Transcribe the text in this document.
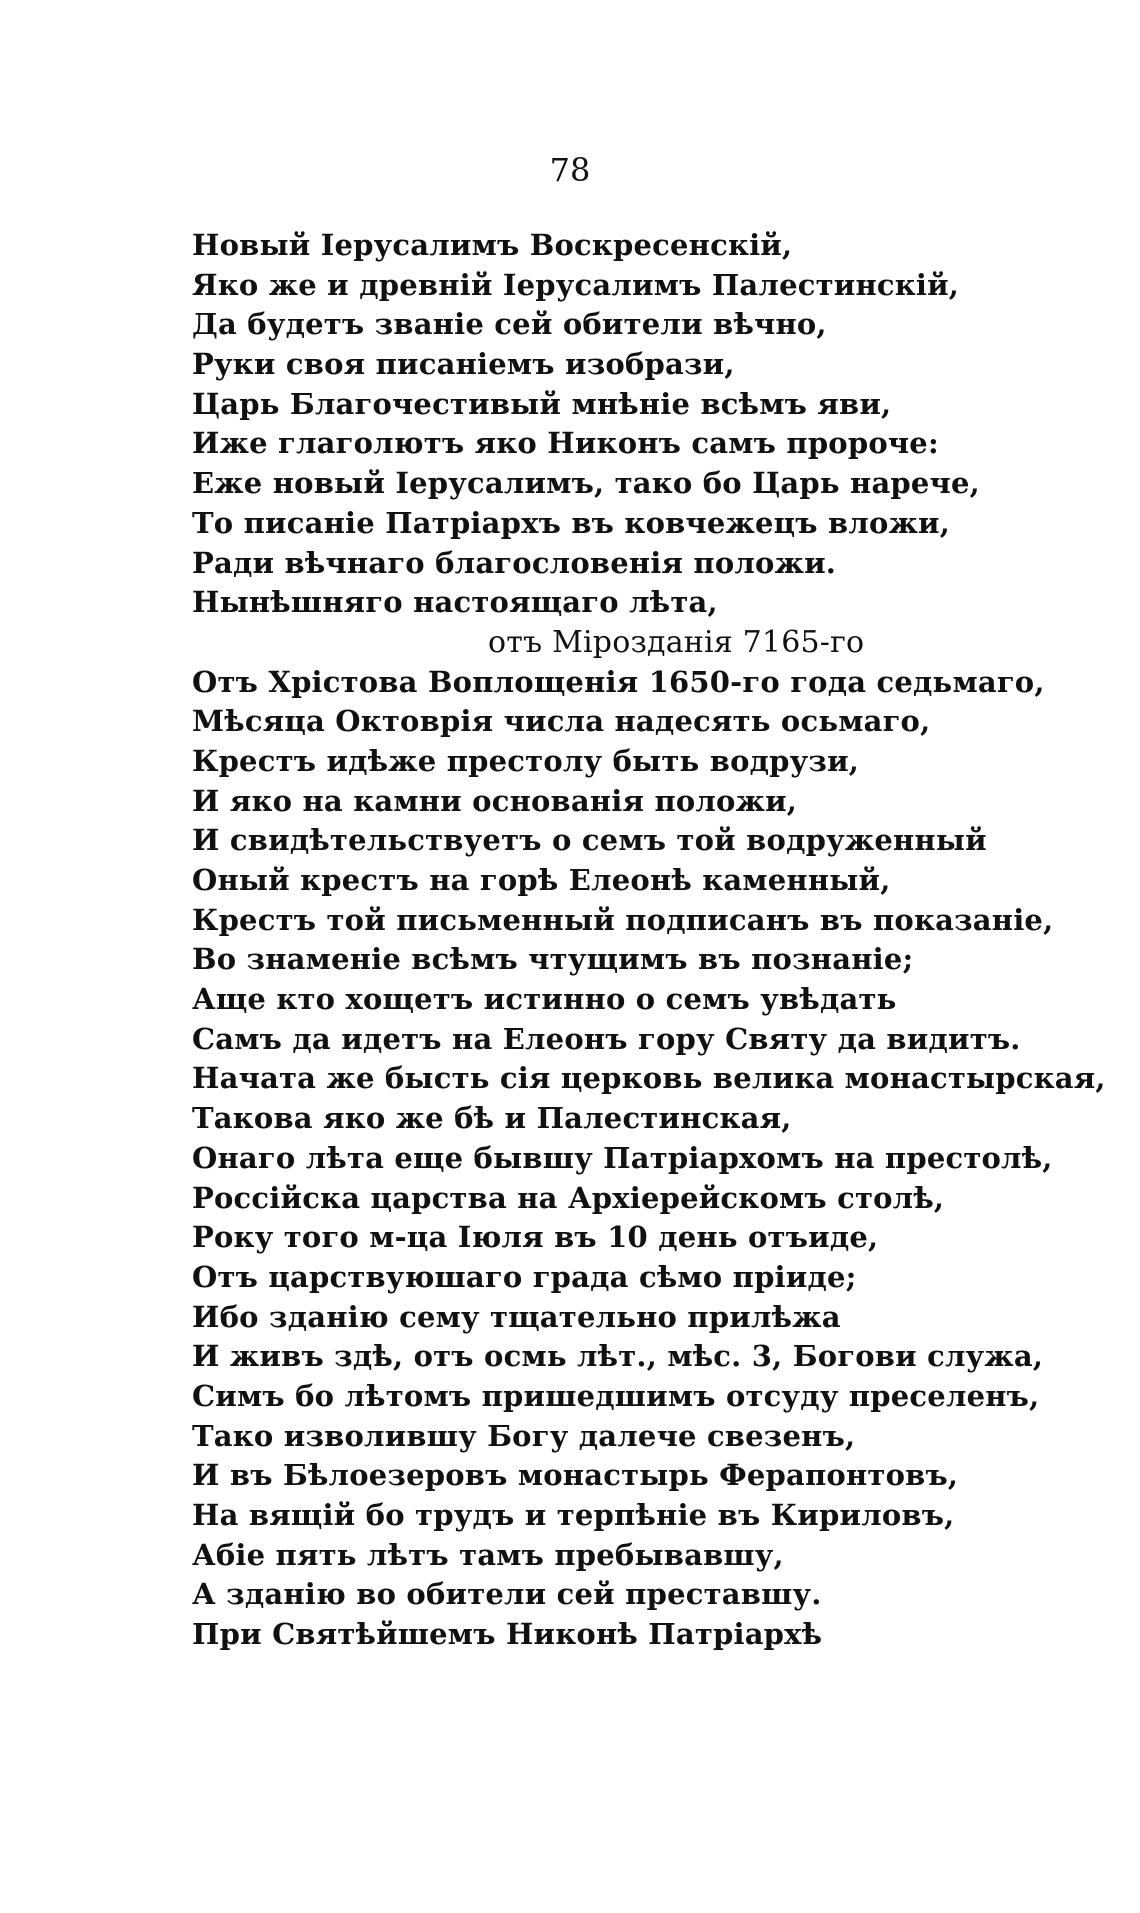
78
Новый Іерусалимъ Воскресенскій,
Яко же и древній Іерусалимъ Палестинскій,
Да будетъ званіе сей обители вѣчно,
Руки своя писаніемъ изобрази,
Царь Благочестивый мнѣніе всѣмъ яви,
Иже глаголютъ яко Никонъ самъ пророче:
Еже новый Іерусалимъ, тако бо Царь нарече,
То писаніе Патріархъ въ ковчежецъ вложи,
Ради вѣчнаго благословенія положи.
Нынѣшняго настоящаго лѣта,
отъ Мірозданія 7165-го
Отъ Хрістова Воплощенія 1650-го года седьмаго,
Мѣсяца Октоврія числа надесять осьмаго,
Крестъ идѣже престолу быть водрузи,
И яко на камни основанія положи,
И свидѣтельствуетъ о семъ той водруженный
Оный крестъ на горѣ Елеонѣ каменный,
Крестъ той письменный подписанъ въ показаніе,
Во знаменіе всѣмъ чтущимъ въ познаніе;
Аще кто хощетъ истинно о семъ увѣдать
Самъ да идетъ на Елеонъ гору Святу да видитъ.
Начата же бысть сія церковь велика монастырская,
Такова яко же бѣ и Палестинская,
Онаго лѣта еще бывшу Патріархомъ на престолѣ,
Россійска царства на Архіерейскомъ столѣ,
Року того м-ца Іюля въ 10 день отъиде,
Отъ царствуюшаго града сѣмо пріиде;
Ибо зданію сему тщательно прилѣжа
И живъ здѣ, отъ осмь лѣт., мѣс. 3, Богови служа,
Симъ бо лѣтомъ пришедшимъ отсуду преселенъ,
Тако изволившу Богу далече свезенъ,
И въ Бѣлоезеровъ монастырь Ферапонтовъ,
На вящій бо трудъ и терпѣніе въ Кириловъ,
Абіе пять лѣтъ тамъ пребывавшу,
А зданію во обители сей преставшу.
При Святѣйшемъ Никонѣ Патріархѣ
